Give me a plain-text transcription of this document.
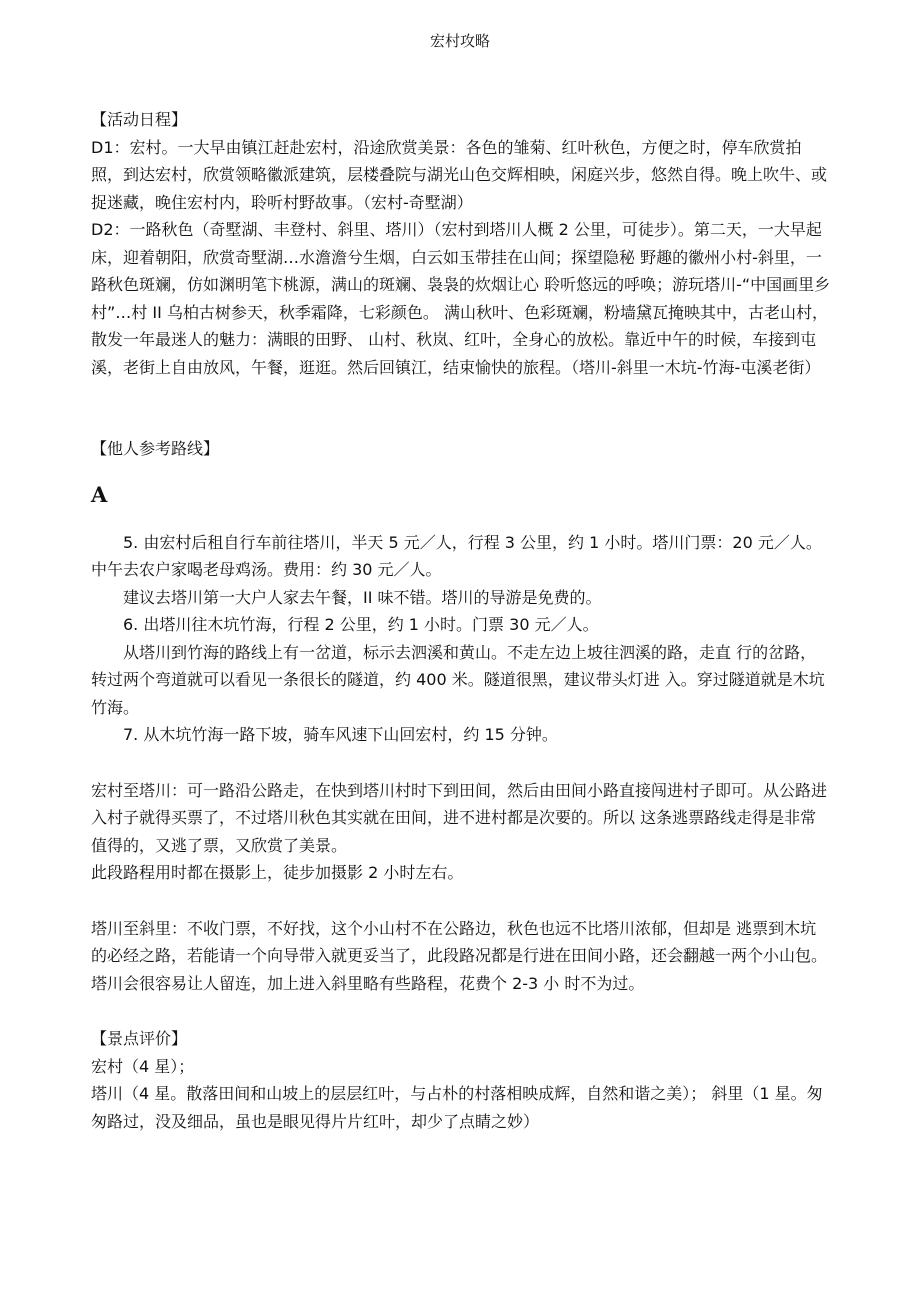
宏村攻略

【活动日程】

D1：宏村。一大早由镇江赶赴宏村，沿途欣赏美景：各色的雏菊、红叶秋色，方便之时，停车欣赏拍照，到达宏村，欣赏领略徽派建筑，层楼叠院与湖光山色交辉相映，闲庭兴步，悠然自得。晚上吹牛、或捉迷藏，晚住宏村内，聆听村野故事。（宏村-奇墅湖）

D2：一路秋色（奇墅湖、丰登村、斜里、塔川）（宏村到塔川人概 2 公里，可徒步）。第二天，一大早起床，迎着朝阳，欣赏奇墅湖…水澹澹兮生烟，白云如玉带挂在山间；探望隐秘 野趣的徽州小村-斜里，一路秋色斑斓，仿如渊明笔卞桃源，满山的斑斓、袅袅的炊烟让心 聆听悠远的呼唤；游玩塔川-“中国画里乡村”…村 II 乌柏古树参天，秋季霜降，七彩颜色。 满山秋叶、色彩斑斓，粉墙黛瓦掩映其中，古老山村，散发一年最迷人的魅力：满眼的田野、 山村、秋岚、红叶，全身心的放松。靠近中午的时候，车接到屯溪，老街上自由放风，午餐，逛逛。然后回镇江，结束愉快的旅程。（塔川-斜里一木坑-竹海-屯溪老街）

【他人参考路线】

A

5. 由宏村后租自行车前往塔川，半天 5 元／人，行程 3 公里，约 1 小时。塔川门票：20 元／人。中午去农户家喝老母鸡汤。费用：约 30 元／人。

建议去塔川第一大户人家去午餐，II 味不错。塔川的导游是免费的。

6. 出塔川往木坑竹海，行程 2 公里，约 1 小时。门票 30 元／人。

从塔川到竹海的路线上有一岔道，标示去泗溪和黄山。不走左边上坡往泗溪的路，走直 行的岔路，转过两个弯道就可以看见一条很长的隧道，约 400 米。隧道很黑，建议带头灯进 入。穿过隧道就是木坑竹海。

7. 从木坑竹海一路下坡，骑车风速下山回宏村，约 15 分钟。

宏村至塔川：可一路沿公路走，在快到塔川村时下到田间，然后由田间小路直接闯进村子即可。从公路进入村子就得买票了，不过塔川秋色其实就在田间，进不进村都是次要的。所以 这条逃票路线走得是非常值得的，又逃了票，又欣赏了美景。

此段路程用时都在摄影上，徒步加摄影 2 小时左右。

塔川至斜里：不收门票，不好找，这个小山村不在公路边，秋色也远不比塔川浓郁，但却是 逃票到木坑的必经之路，若能请一个向导带入就更妥当了，此段路况都是行进在田间小路，还会翻越一两个小山包。塔川会很容易让人留连，加上进入斜里略有些路程，花费个 2-3 小 时不为过。

【景点评价】

宏村（4 星）；

塔川（4 星。散落田间和山坡上的层层红叶，与占朴的村落相映成辉，自然和谐之美）； 斜里（1 星。匆匆路过，没及细品，虽也是眼见得片片红叶，却少了点睛之妙）
